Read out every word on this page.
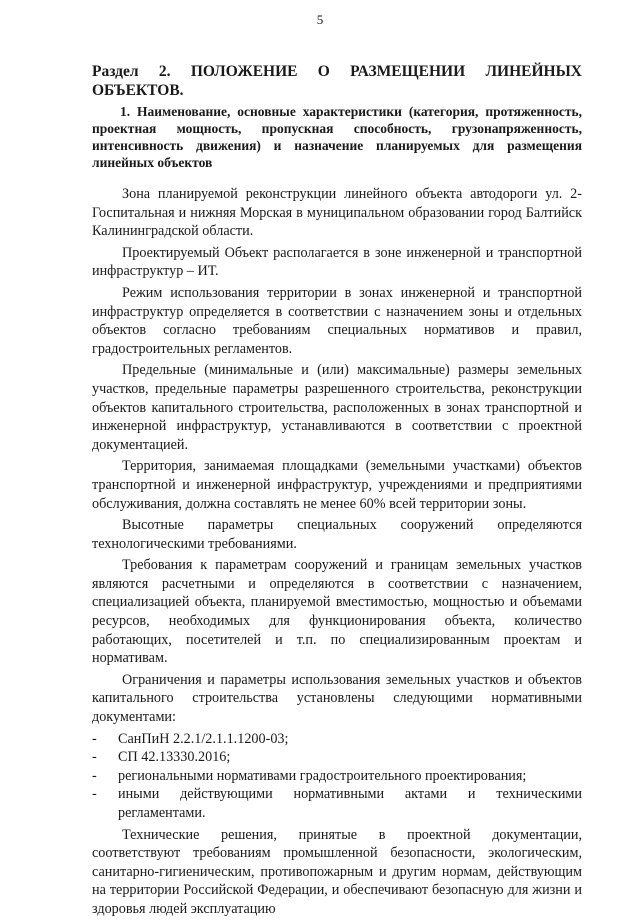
5
Раздел 2. ПОЛОЖЕНИЕ О РАЗМЕЩЕНИИ ЛИНЕЙНЫХ ОБЪЕКТОВ.
1. Наименование, основные характеристики (категория, протяженность, проектная мощность, пропускная способность, грузонапряженность, интенсивность движения) и назначение планируемых для размещения линейных объектов

Зона планируемой реконструкции линейного объекта автодороги ул. 2-Госпитальная и нижняя Морская в муниципальном образовании город Балтийск Калининградской области.

Проектируемый Объект располагается в зоне инженерной и транспортной инфраструктур – ИТ.

Режим использования территории в зонах инженерной и транспортной инфраструктур определяется в соответствии с назначением зоны и отдельных объектов согласно требованиям специальных нормативов и правил, градостроительных регламентов.

Предельные (минимальные и (или) максимальные) размеры земельных участков, предельные параметры разрешенного строительства, реконструкции объектов капитального строительства, расположенных в зонах транспортной и инженерной инфраструктур, устанавливаются в соответствии с проектной документацией.

Территория, занимаемая площадками (земельными участками) объектов транспортной и инженерной инфраструктур, учреждениями и предприятиями обслуживания, должна составлять не менее 60% всей территории зоны.

Высотные параметры специальных сооружений определяются технологическими требованиями.

Требования к параметрам сооружений и границам земельных участков являются расчетными и определяются в соответствии с назначением, специализацией объекта, планируемой вместимостью, мощностью и объемами ресурсов, необходимых для функционирования объекта, количество работающих, посетителей и т.п. по специализированным проектам и нормативам.

Ограничения и параметры использования земельных участков и объектов капитального строительства установлены следующими нормативными документами:

- СанПиН 2.2.1/2.1.1.1200-03;
- СП 42.13330.2016;
- региональными нормативами градостроительного проектирования;
- иными действующими нормативными актами и техническими регламентами.

Технические решения, принятые в проектной документации, соответствуют требованиям промышленной безопасности, экологическим, санитарно-гигиеническим, противопожарным и другим нормам, действующим на территории Российской Федерации, и обеспечивают безопасную для жизни и здоровья людей эксплуатацию
